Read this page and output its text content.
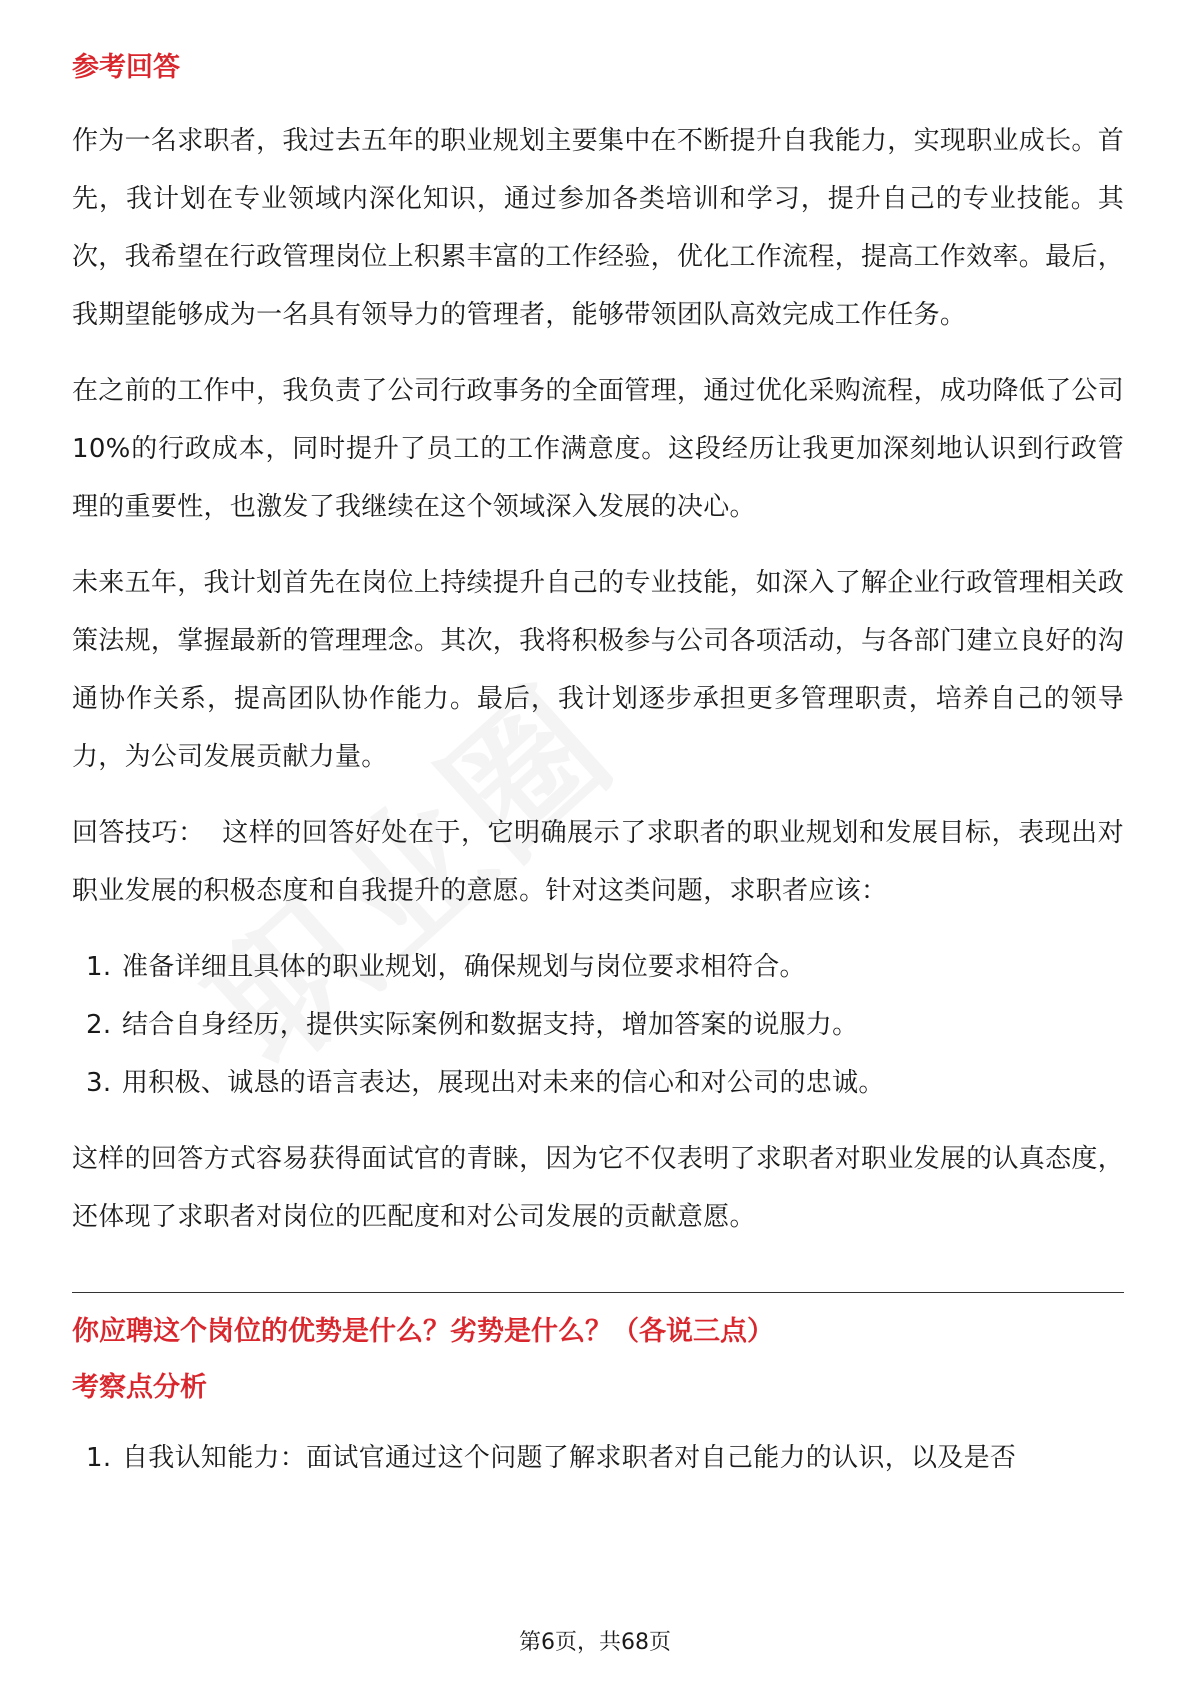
参考回答

作为一名求职者，我过去五年的职业规划主要集中在不断提升自我能力，实现职业成长。首先，我计划在专业领域内深化知识，通过参加各类培训和学习，提升自己的专业技能。其次，我希望在行政管理岗位上积累丰富的工作经验，优化工作流程，提高工作效率。最后，我期望能够成为一名具有领导力的管理者，能够带领团队高效完成工作任务。

在之前的工作中，我负责了公司行政事务的全面管理，通过优化采购流程，成功降低了公司10%的行政成本，同时提升了员工的工作满意度。这段经历让我更加深刻地认识到行政管理的重要性，也激发了我继续在这个领域深入发展的决心。

未来五年，我计划首先在岗位上持续提升自己的专业技能，如深入了解企业行政管理相关政策法规，掌握最新的管理理念。其次，我将积极参与公司各项活动，与各部门建立良好的沟通协作关系，提高团队协作能力。最后，我计划逐步承担更多管理职责，培养自己的领导力，为公司发展贡献力量。

回答技巧：  这样的回答好处在于，它明确展示了求职者的职业规划和发展目标，表现出对职业发展的积极态度和自我提升的意愿。针对这类问题，求职者应该：

1. 准备详细且具体的职业规划，确保规划与岗位要求相符合。
2. 结合自身经历，提供实际案例和数据支持，增加答案的说服力。
3. 用积极、诚恳的语言表达，展现出对未来的信心和对公司的忠诚。

这样的回答方式容易获得面试官的青睐，因为它不仅表明了求职者对职业发展的认真态度，还体现了求职者对岗位的匹配度和对公司发展的贡献意愿。

你应聘这个岗位的优势是什么？劣势是什么？（各说三点）
考察点分析
1. 自我认知能力：面试官通过这个问题了解求职者对自己能力的认识，以及是否
第6页，共68页
